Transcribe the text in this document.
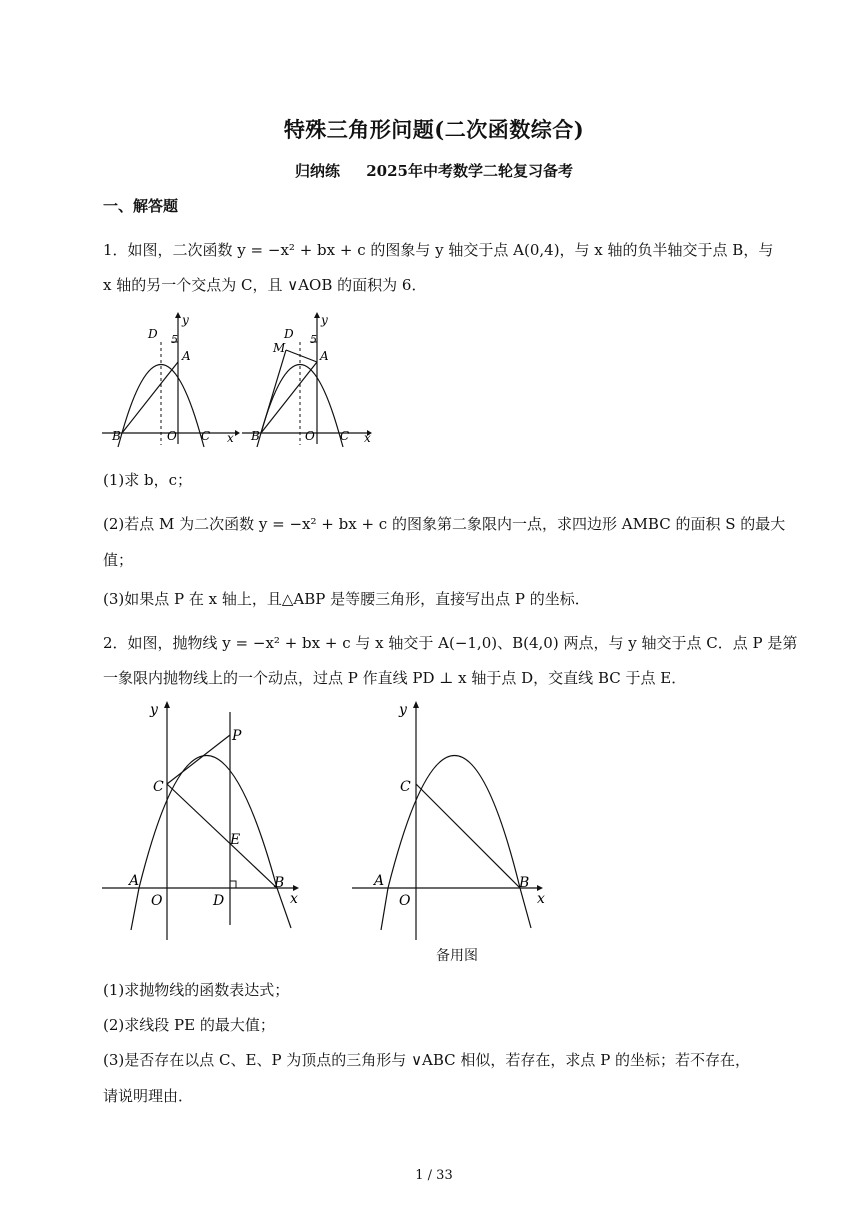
特殊三角形问题(二次函数综合)
归纳练　 2025年中考数学二轮复习备考
一、解答题
1．如图，二次函数 y = −x² + bx + c 的图象与 y 轴交于点 A(0,4)，与 x 轴的负半轴交于点 B，与
x 轴的另一个交点为 C，且 ∨AOB 的面积为 6．
y
D 5
A
B	O C x
y
D 5
M
A
B	O C x
(1)求 b，c；
(2)若点 M 为二次函数 y = −x² + bx + c 的图象第二象限内一点，求四边形 AMBC 的面积 S 的最大
值；
(3)如果点 P 在 x 轴上，且△ABP 是等腰三角形，直接写出点 P 的坐标．
2．如图，抛物线 y = −x² + bx + c 与 x 轴交于 A(−1,0)、B(4,0) 两点，与 y 轴交于点 C．点 P 是第
一象限内抛物线上的一个动点，过点 P 作直线 PD ⊥ x 轴于点 D，交直线 BC 于点 E．
y
P
C
E
A	B
O	D	x
y
C
A	B
O	x
备用图
(1)求抛物线的函数表达式；
(2)求线段 PE 的最大值；
(3)是否存在以点 C、E、P 为顶点的三角形与 ∨ABC 相似，若存在，求点 P 的坐标；若不存在，
请说明理由．
1 / 33
